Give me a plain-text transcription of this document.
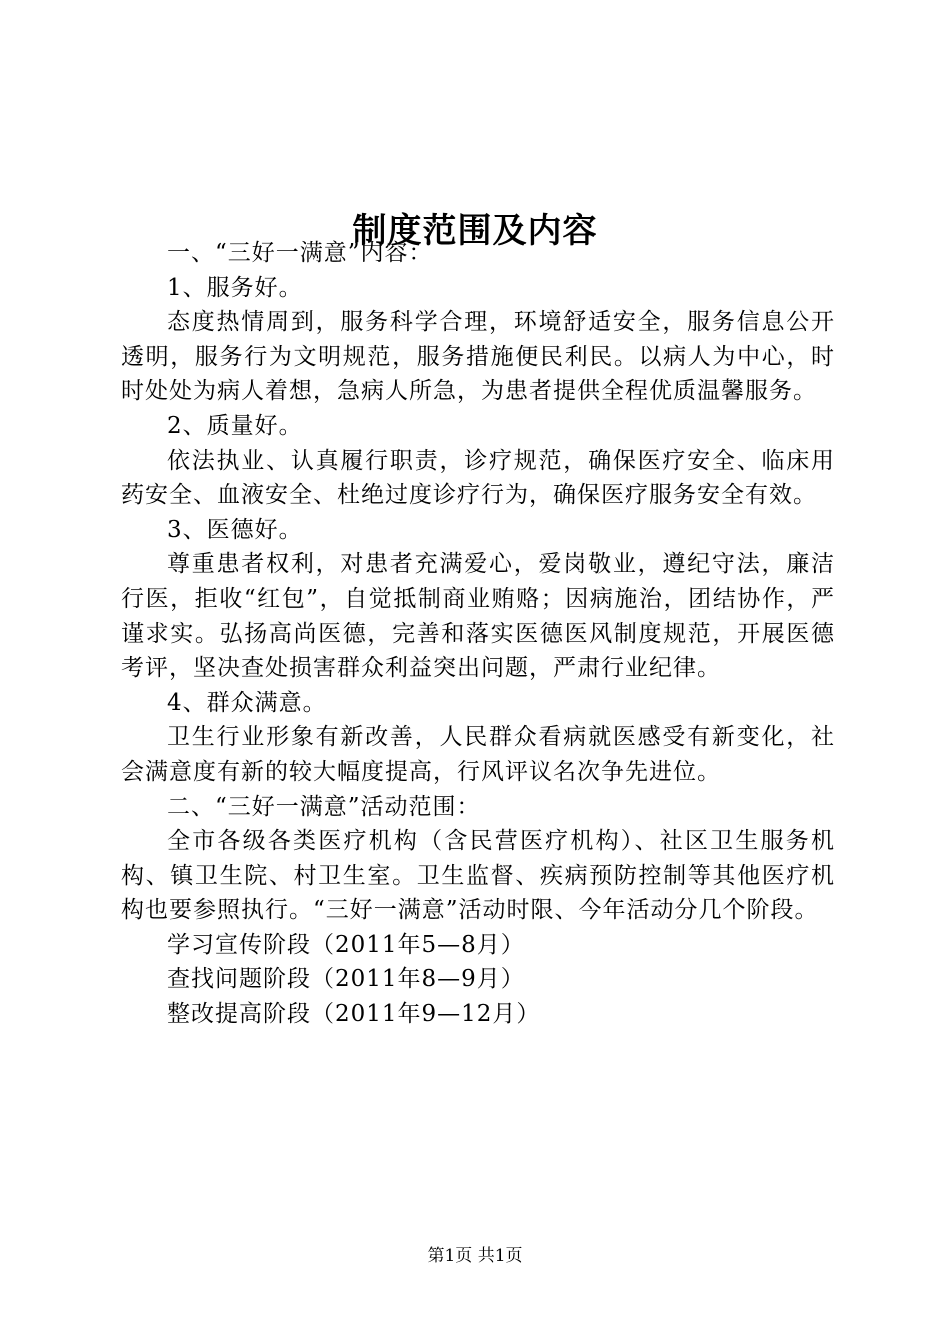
制度范围及内容

一、“三好一满意”内容：

1、服务好。

态度热情周到，服务科学合理，环境舒适安全，服务信息公开透明，服务行为文明规范，服务措施便民利民。以病人为中心，时时处处为病人着想，急病人所急，为患者提供全程优质温馨服务。

2、质量好。

依法执业、认真履行职责，诊疗规范，确保医疗安全、临床用药安全、血液安全、杜绝过度诊疗行为，确保医疗服务安全有效。

3、医德好。

尊重患者权利，对患者充满爱心，爱岗敬业，遵纪守法，廉洁行医，拒收“红包”，自觉抵制商业贿赂；因病施治，团结协作，严谨求实。弘扬高尚医德，完善和落实医德医风制度规范，开展医德考评，坚决查处损害群众利益突出问题，严肃行业纪律。

4、群众满意。

卫生行业形象有新改善，人民群众看病就医感受有新变化，社会满意度有新的较大幅度提高，行风评议名次争先进位。

二、“三好一满意”活动范围：

全市各级各类医疗机构（含民营医疗机构）、社区卫生服务机构、镇卫生院、村卫生室。卫生监督、疾病预防控制等其他医疗机构也要参照执行。“三好一满意”活动时限、今年活动分几个阶段。

学习宣传阶段（2011年5—8月）

查找问题阶段（2011年8—9月）

整改提高阶段（2011年9—12月）

第1页 共1页
